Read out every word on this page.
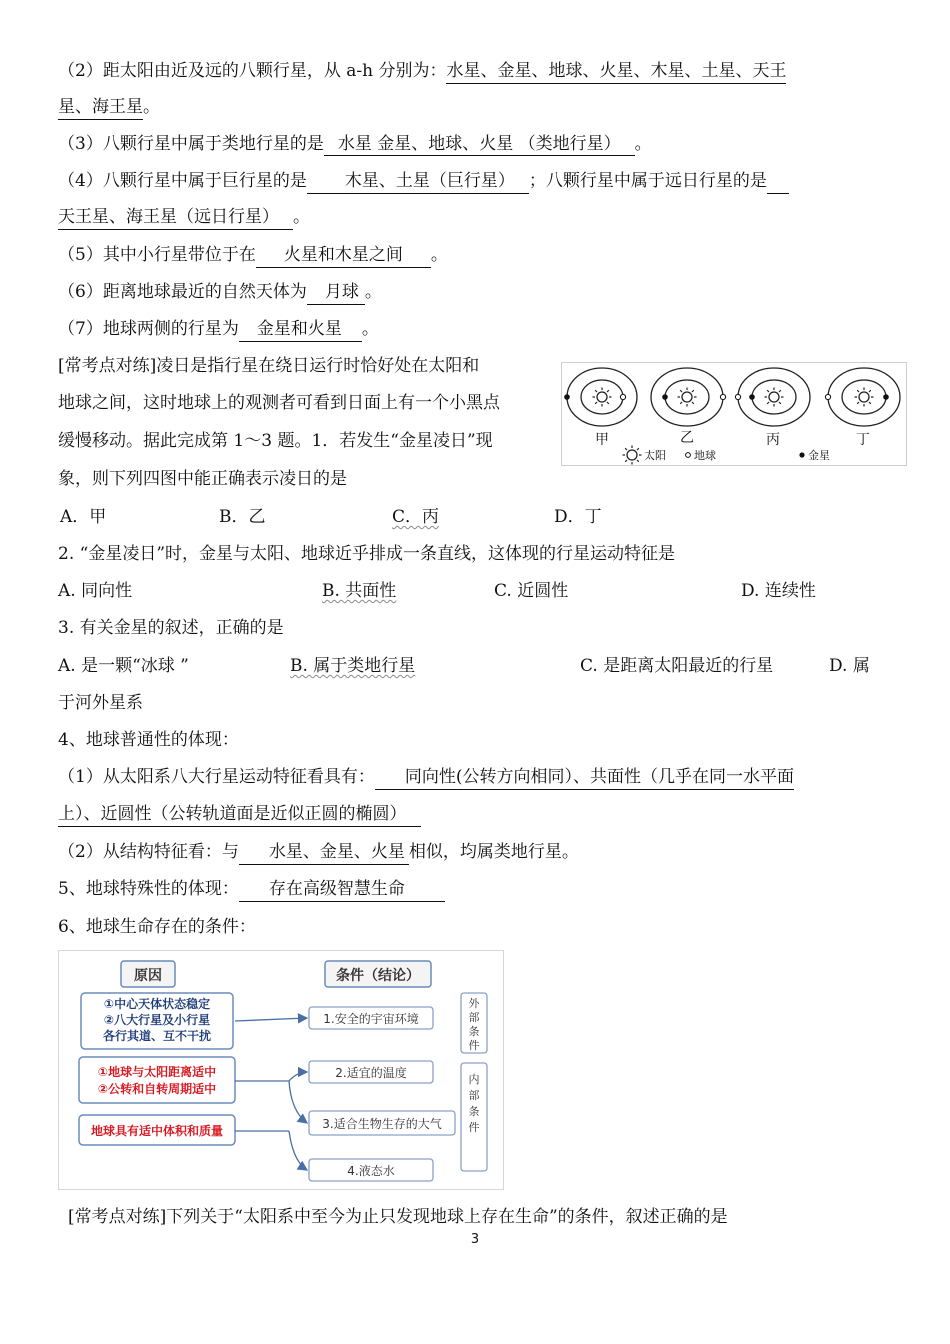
（2）距太阳由近及远的八颗行星，从 a-h 分别为：水星、金星、地球、火星、木星、土星、天王
星、海王星。
（3）八颗行星中属于类地行星的是 水星 金星、地球、火星 （类地行星） 。
（4）八颗行星中属于巨行星的是 木星、土星（巨行星） ；八颗行星中属于远日行星的是
天王星、海王星（远日行星） 。
（5）其中小行星带位于在 火星和木星之间 。
（6）距离地球最近的自然天体为 月球 。
（7）地球两侧的行星为 金星和火星 。
[常考点对练]凌日是指行星在绕日运行时恰好处在太阳和
地球之间，这时地球上的观测者可看到日面上有一个小黑点
缓慢移动。据此完成第 1～3 题。1．若发生“金星凌日”现
象，则下列四图中能正确表示凌日的是
甲	乙	丙	丁
太阳	地球	金星
A．甲	B．乙	C．丙	D．丁
2. “金星凌日”时，金星与太阳、地球近乎排成一条直线，这体现的行星运动特征是
A. 同向性	B. 共面性	C. 近圆性	D. 连续性
3. 有关金星的叙述，正确的是
A. 是一颗“冰球 ”	B. 属于类地行星	C. 是距离太阳最近的行星	D. 属
于河外星系
4、地球普通性的体现：
（1）从太阳系八大行星运动特征看具有： 同向性(公转方向相同）、共面性（几乎在同一水平面
上）、近圆性（公转轨道面是近似正圆的椭圆）
（2）从结构特征看：与 水星、金星、火星 相似，均属类地行星。
5、地球特殊性的体现： 存在高级智慧生命
6、地球生命存在的条件：
原因	条件（结论）
①中心天体状态稳定
②八大行星及小行星
各行其道、互不干扰
①地球与太阳距离适中
②公转和自转周期适中
地球具有适中体积和质量
1.安全的宇宙环境
2.适宜的温度
3.适合生物生存的大气
4.液态水
外
部
条
件
内
部
条
件
[常考点对练]下列关于“太阳系中至今为止只发现地球上存在生命”的条件，叙述正确的是
3
